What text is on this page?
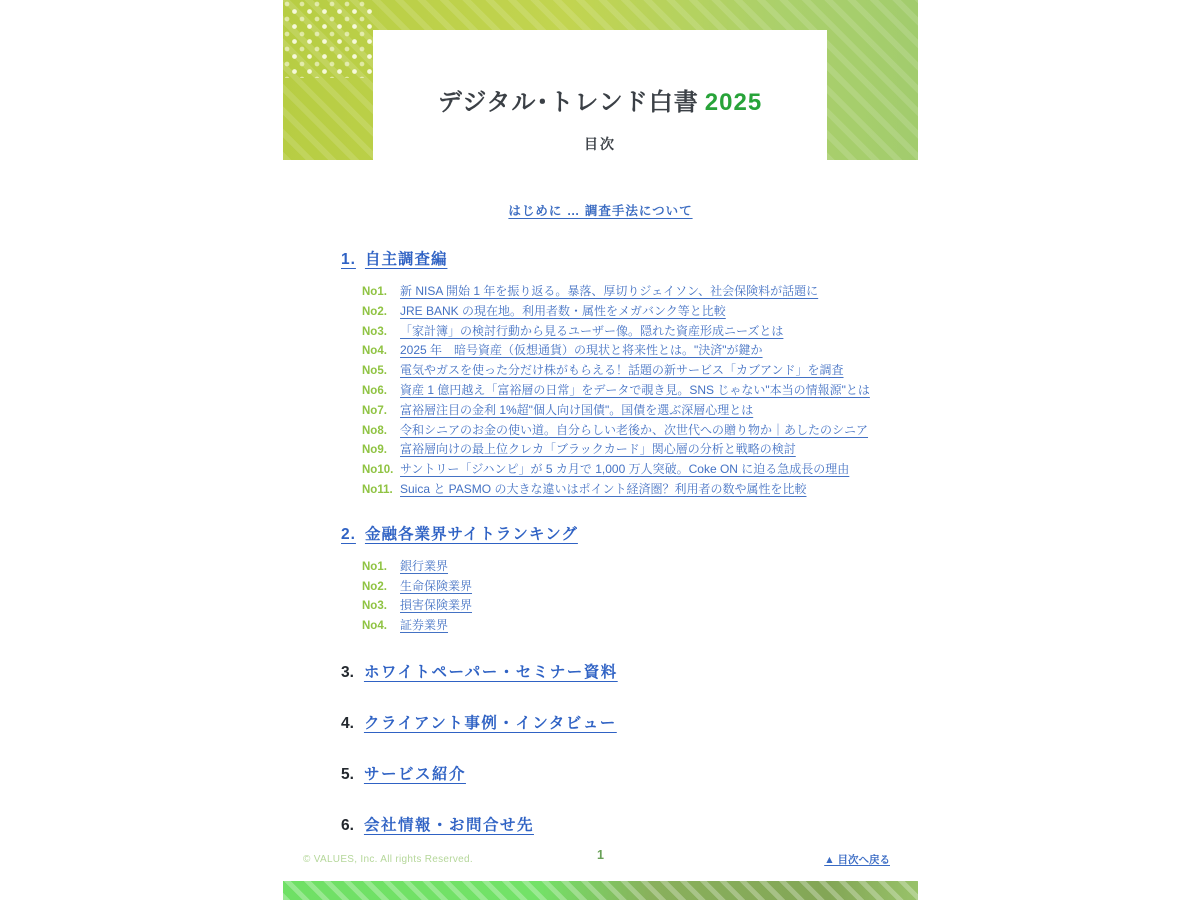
デジタル･トレンド白書 2025
目次
はじめに … 調査手法について
1. 自主調査編
No1.	新 NISA 開始 1 年を振り返る。暴落、厚切りジェイソン、社会保険料が話題に
No2.	JRE BANK の現在地。利用者数・属性をメガバンク等と比較
No3.	「家計簿」の検討行動から見るユーザー像。隠れた資産形成ニーズとは
No4.	2025 年　暗号資産（仮想通貨）の現状と将来性とは。"決済"が鍵か
No5.	電気やガスを使った分だけ株がもらえる！話題の新サービス「カブアンド」を調査
No6.	資産 1 億円越え「富裕層の日常」をデータで覗き見。SNS じゃない"本当の情報源"とは
No7.	富裕層注目の金利 1%超"個人向け国債"。国債を選ぶ深層心理とは
No8.	令和シニアのお金の使い道。自分らしい老後か、次世代への贈り物か｜あしたのシニア
No9.	富裕層向けの最上位クレカ「ブラックカード」関心層の分析と戦略の検討
No10. サントリー「ジハンピ」が 5 カ月で 1,000 万人突破。Coke ON に迫る急成長の理由
No11. Suica と PASMO の大きな違いはポイント経済圏？利用者の数や属性を比較
2. 金融各業界サイトランキング
No1.	銀行業界
No2.	生命保険業界
No3.	損害保険業界
No4.	証券業界
3. ホワイトペーパー・セミナー資料
4. クライアント事例・インタビュー
5. サービス紹介
6. 会社情報・お問合せ先
1
© VALUES, Inc. All rights Reserved.	▲ 目次へ戻る
